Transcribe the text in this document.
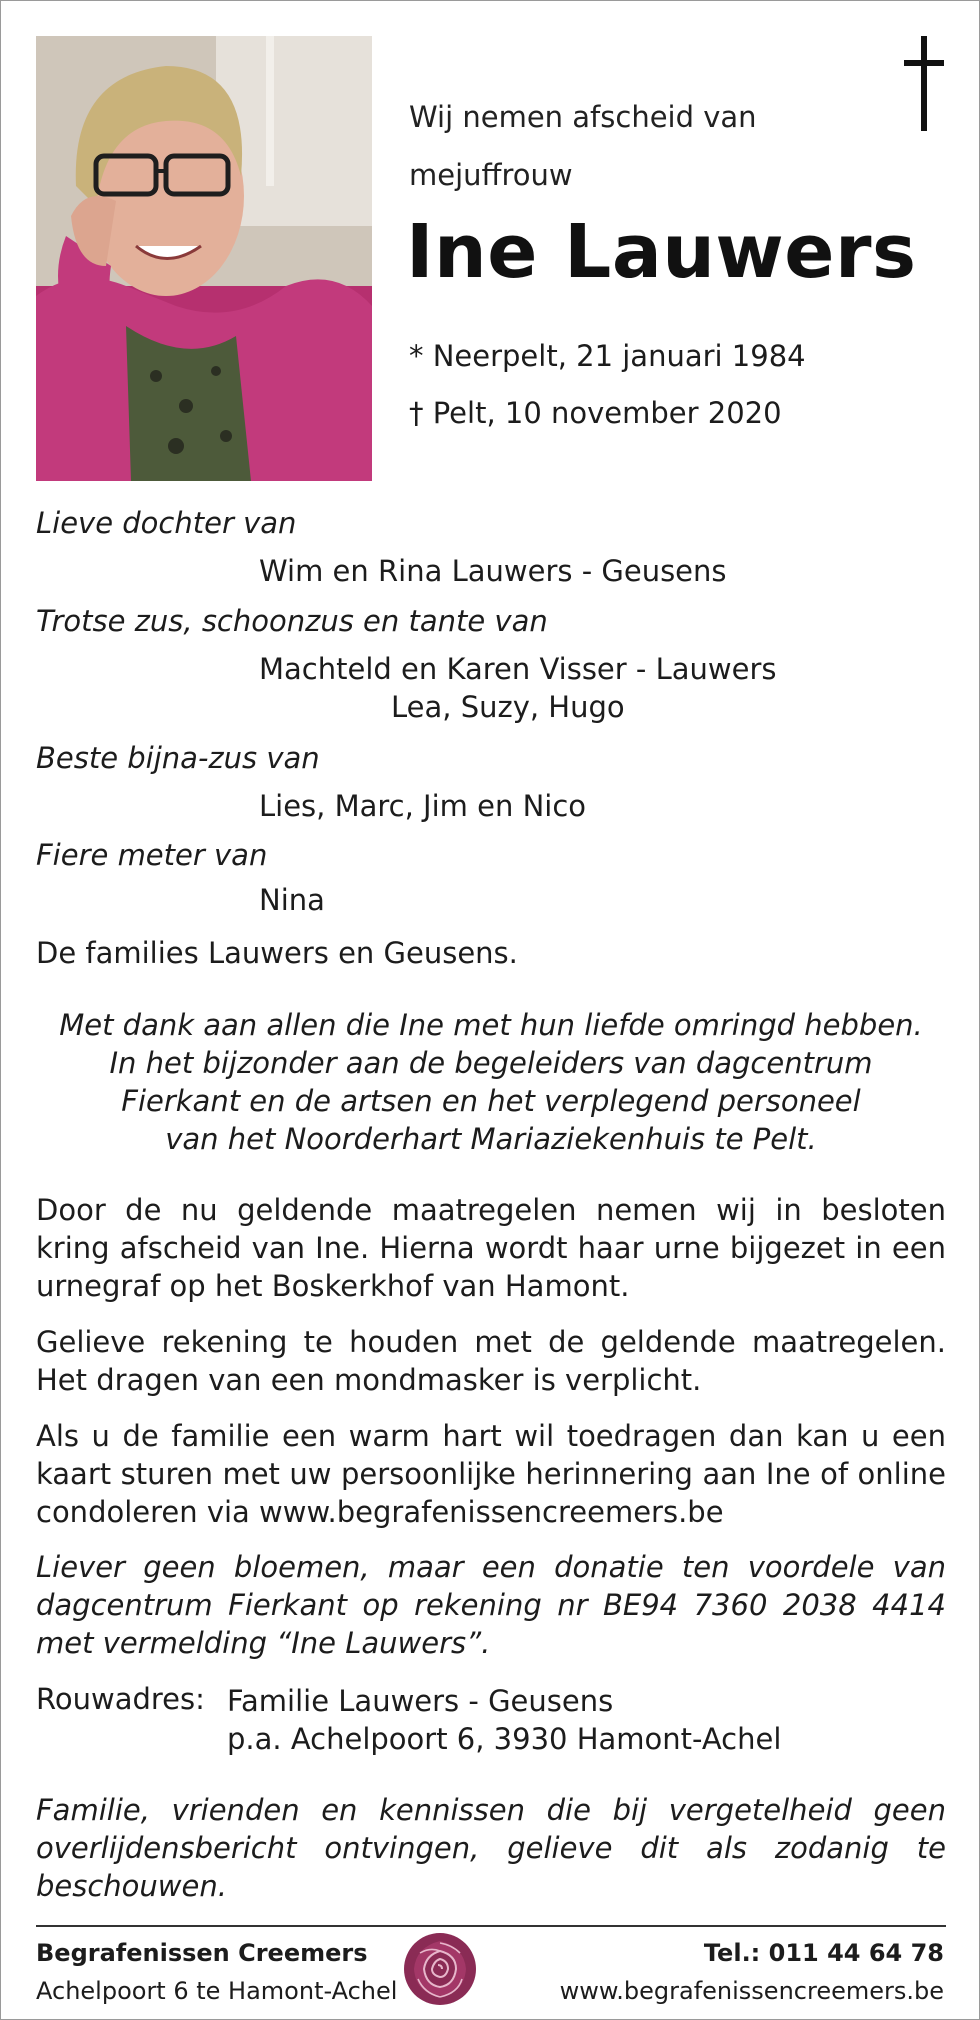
Wij nemen afscheid van
mejuffrouw
Ine Lauwers
* Neerpelt, 21 januari 1984
† Pelt, 10 november 2020
Lieve dochter van
Wim en Rina Lauwers - Geusens
Trotse zus, schoonzus en tante van
Machteld en Karen Visser - Lauwers
Lea, Suzy, Hugo
Beste bijna-zus van
Lies, Marc, Jim en Nico
Fiere meter van
Nina
De families Lauwers en Geusens.
Met dank aan allen die Ine met hun liefde omringd hebben.
In het bijzonder aan de begeleiders van dagcentrum
Fierkant en de artsen en het verplegend personeel
van het Noorderhart Mariaziekenhuis te Pelt.
Door de nu geldende maatregelen nemen wij in besloten kring afscheid van Ine. Hierna wordt haar urne bijgezet in een urnegraf op het Boskerkhof van Hamont.
Gelieve rekening te houden met de geldende maatregelen. Het dragen van een mondmasker is verplicht.
Als u de familie een warm hart wil toedragen dan kan u een kaart sturen met uw persoonlijke herinnering aan Ine of online condoleren via www.begrafenissencreemers.be
Liever geen bloemen, maar een donatie ten voordele van dagcentrum Fierkant op rekening nr BE94 7360 2038 4414 met vermelding “Ine Lauwers”.
Rouwadres: Familie Lauwers - Geusens
p.a. Achelpoort 6, 3930 Hamont-Achel
Familie, vrienden en kennissen die bij vergetelheid geen overlijdensbericht ontvingen, gelieve dit als zodanig te beschouwen.
Begrafenissen Creemers
Achelpoort 6 te Hamont-Achel
Tel.: 011 44 64 78
www.begrafenissencreemers.be
